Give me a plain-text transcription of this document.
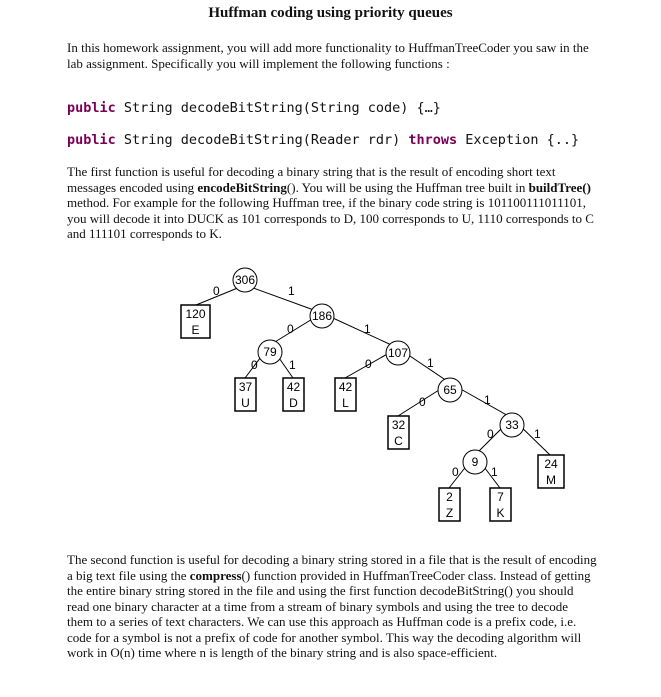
Huffman coding using priority queues
In this homework assignment, you will add more functionality to HuffmanTreeCoder you saw in the lab assignment. Specifically you will implement the following functions :
public String decodeBitString(String code) {…}
public String decodeBitString(Reader rdr) throws Exception {..}
The first function is useful for decoding a binary string that is the result of encoding short text messages encoded using encodeBitString(). You will be using the Huffman tree built in buildTree() method. For example for the following Huffman tree, if the binary code string is 101100111011101, you will decode it into DUCK as 101 corresponds to D, 100 corresponds to U, 1110 corresponds to C and 111101 corresponds to K.
0	1
0	1
0	1	0	1
0	1
0	1
0	1
306
186
79	107
65
33
9
120
E
37
U
42
D
42
L
32
C
24
M
2
Z
7
K
The second function is useful for decoding a binary string stored in a file that is the result of encoding a big text file using the compress() function provided in HuffmanTreeCoder class. Instead of getting the entire binary string stored in the file and using the first function decodeBitString() you should read one binary character at a time from a stream of binary symbols and using the tree to decode them to a series of text characters. We can use this approach as Huffman code is a prefix code, i.e. code for a symbol is not a prefix of code for another symbol. This way the decoding algorithm will work in O(n) time where n is length of the binary string and is also space-efficient.
